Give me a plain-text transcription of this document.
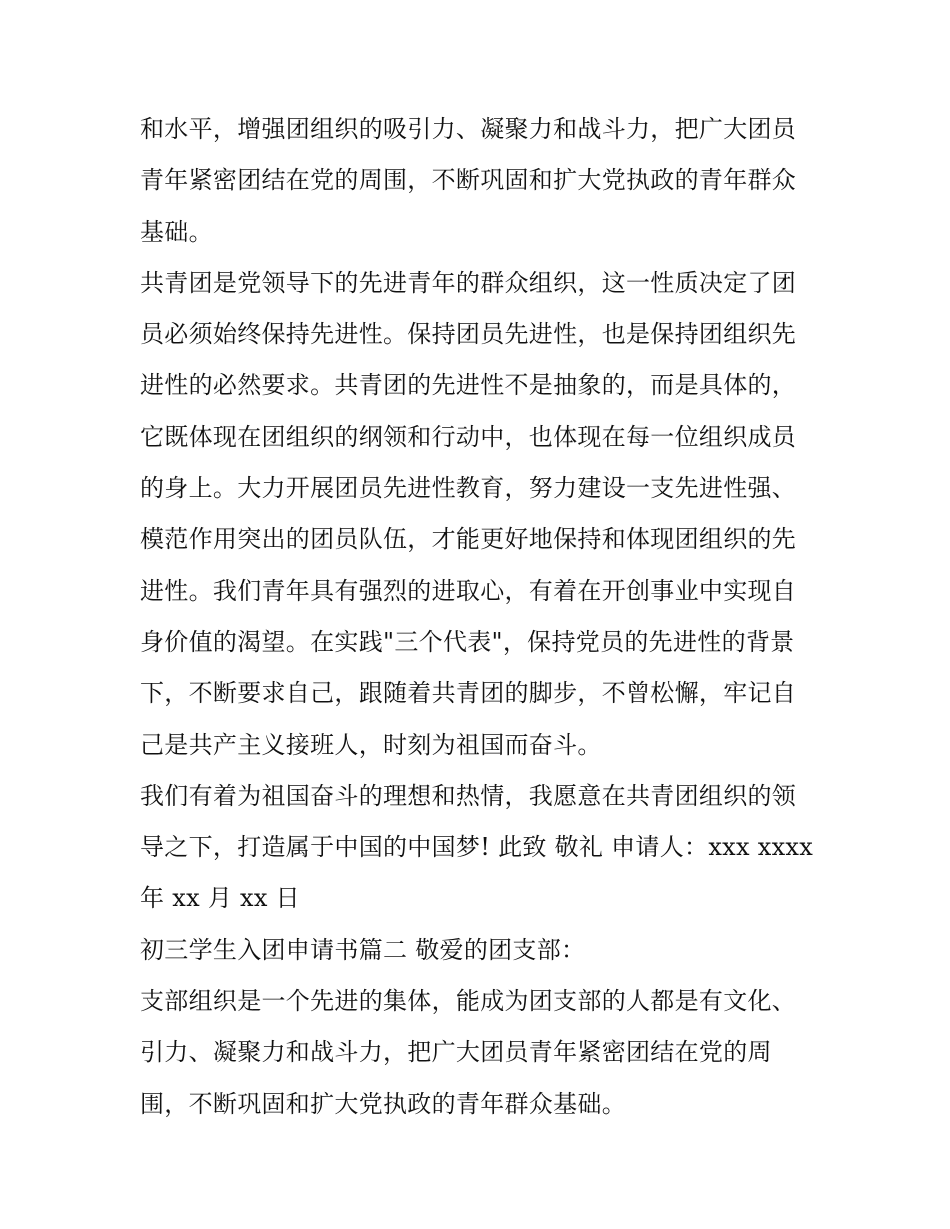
和水平，增强团组织的吸引力、凝聚力和战斗力，把广大团员
青年紧密团结在党的周围，不断巩固和扩大党执政的青年群众
基础。
共青团是党领导下的先进青年的群众组织，这一性质决定了团
员必须始终保持先进性。保持团员先进性，也是保持团组织先
进性的必然要求。共青团的先进性不是抽象的，而是具体的，
它既体现在团组织的纲领和行动中，也体现在每一位组织成员
的身上。大力开展团员先进性教育，努力建设一支先进性强、
模范作用突出的团员队伍，才能更好地保持和体现团组织的先
进性。我们青年具有强烈的进取心，有着在开创事业中实现自
身价值的渴望。在实践"三个代表"，保持党员的先进性的背景
下，不断要求自己，跟随着共青团的脚步，不曾松懈，牢记自
己是共产主义接班人，时刻为祖国而奋斗。
我们有着为祖国奋斗的理想和热情，我愿意在共青团组织的领
导之下，打造属于中国的中国梦! 此致 敬礼 申请人：xxx xxxx
年 xx 月 xx 日
初三学生入团申请书篇二 敬爱的团支部：
支部组织是一个先进的集体，能成为团支部的人都是有文化、
引力、凝聚力和战斗力，把广大团员青年紧密团结在党的周
围，不断巩固和扩大党执政的青年群众基础。
